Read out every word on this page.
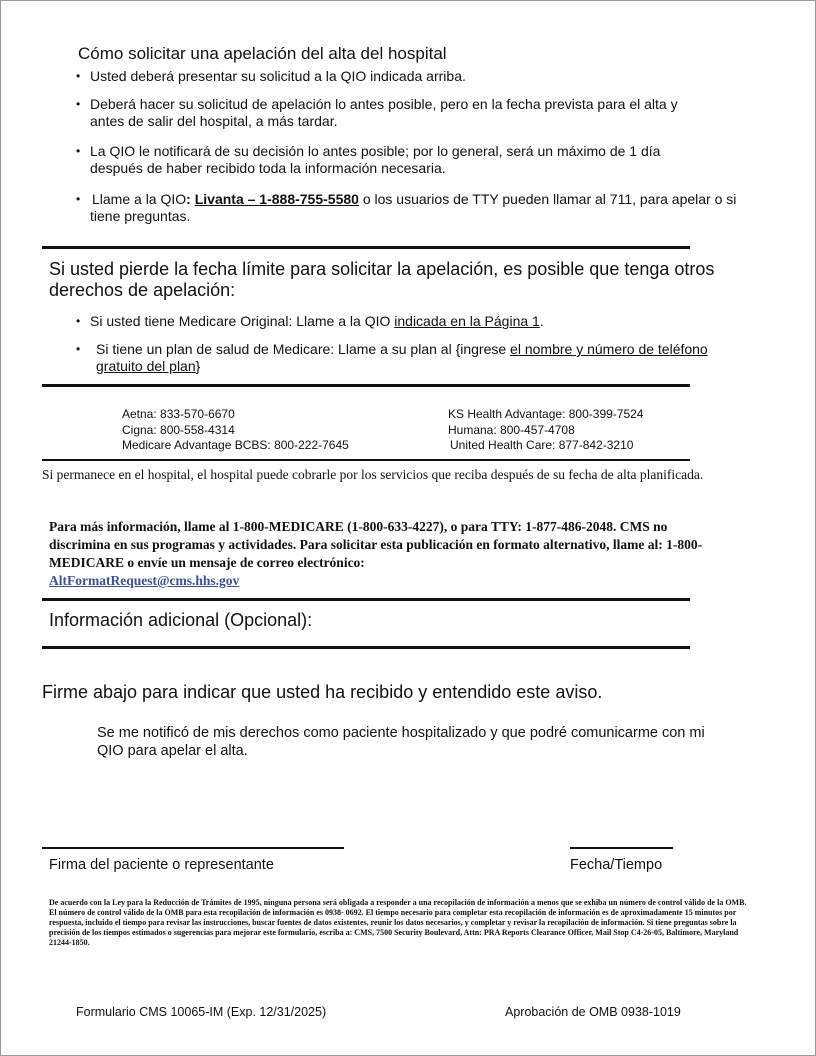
Cómo solicitar una apelación del alta del hospital
• Usted deberá presentar su solicitud a la QIO indicada arriba.
• Deberá hacer su solicitud de apelación lo antes posible, pero en la fecha prevista para el alta y antes de salir del hospital, a más tardar.
• La QIO le notificará de su decisión lo antes posible; por lo general, será un máximo de 1 día después de haber recibido toda la información necesaria.
• Llame a la QIO: Livanta – 1-888-755-5580 o los usuarios de TTY pueden llamar al 711, para apelar o si tiene preguntas.
Si usted pierde la fecha límite para solicitar la apelación, es posible que tenga otros derechos de apelación:
• Si usted tiene Medicare Original: Llame a la QIO indicada en la Página 1.
• Si tiene un plan de salud de Medicare: Llame a su plan al {ingrese el nombre y número de teléfono gratuito del plan}
Aetna: 833-570-6670
Cigna: 800-558-4314
Medicare Advantage BCBS: 800-222-7645
KS Health Advantage: 800-399-7524
Humana: 800-457-4708
United Health Care: 877-842-3210
Si permanece en el hospital, el hospital puede cobrarle por los servicios que reciba después de su fecha de alta planificada.
Para más información, llame al 1-800-MEDICARE (1-800-633-4227), o para TTY: 1-877-486-2048. CMS no discrimina en sus programas y actividades. Para solicitar esta publicación en formato alternativo, llame al: 1-800-MEDICARE o envíe un mensaje de correo electrónico:
AltFormatRequest@cms.hhs.gov
Información adicional (Opcional):
Firme abajo para indicar que usted ha recibido y entendido este aviso.
Se me notificó de mis derechos como paciente hospitalizado y que podré comunicarme con mi QIO para apelar el alta.
Firma del paciente o representante	Fecha/Tiempo
De acuerdo con la Ley para la Reducción de Trámites de 1995, ninguna persona será obligada a responder a una recopilación de información a menos que se exhiba un número de control válido de la OMB. El número de control válido de la OMB para esta recopilación de información es 0938- 0692. El tiempo necesario para completar esta recopilación de información es de aproximadamente 15 minutos por respuesta, incluido el tiempo para revisar las instrucciones, buscar fuentes de datos existentes, reunir los datos necesarios, y completar y revisar la recopilación de información. Si tiene preguntas sobre la precisión de los tiempos estimados o sugerencias para mejorar este formulario, escriba a: CMS, 7500 Security Boulevard, Attn: PRA Reports Clearance Officer, Mail Stop C4-26-05, Baltimore, Maryland 21244-1850.
Formulario CMS 10065-IM (Exp. 12/31/2025)	Aprobación de OMB 0938-1019
